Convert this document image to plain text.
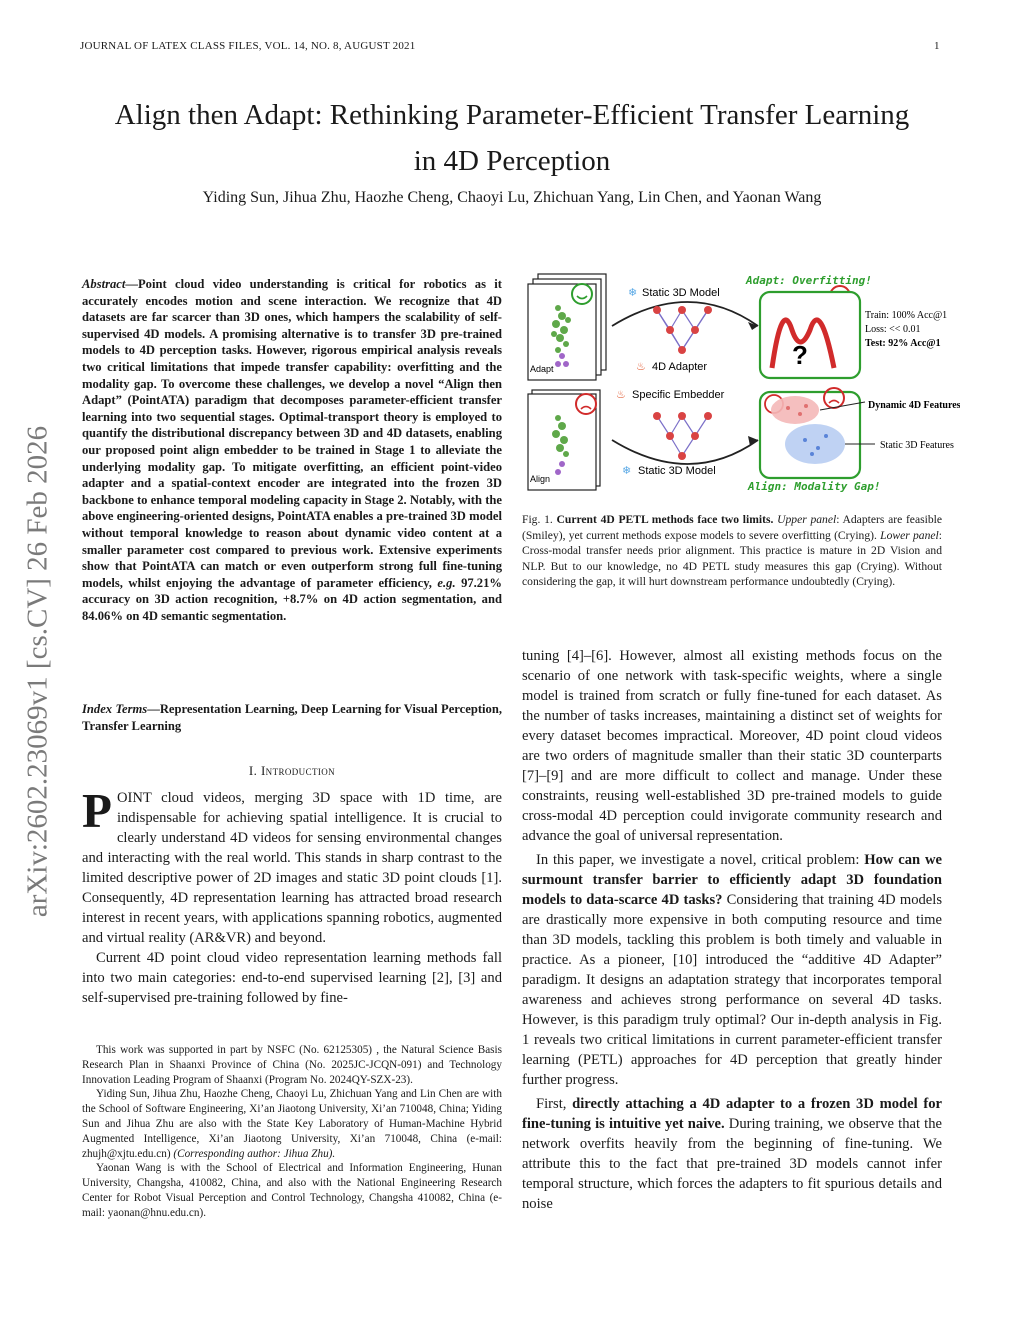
JOURNAL OF LATEX CLASS FILES, VOL. 14, NO. 8, AUGUST 2021	1
Align then Adapt: Rethinking Parameter-Efficient Transfer Learning
in 4D Perception
Yiding Sun, Jihua Zhu, Haozhe Cheng, Chaoyi Lu, Zhichuan Yang, Lin Chen, and Yaonan Wang
arXiv:2602.23069v1 [cs.CV] 26 Feb 2026
Abstract—Point cloud video understanding is critical for robotics as it accurately encodes motion and scene interaction. We recognize that 4D datasets are far scarcer than 3D ones, which hampers the scalability of self-supervised 4D models. A promising alternative is to transfer 3D pre-trained models to 4D perception tasks. However, rigorous empirical analysis reveals two critical limitations that impede transfer capability: overfitting and the modality gap. To overcome these challenges, we develop a novel “Align then Adapt” (PointATA) paradigm that decomposes parameter-efficient transfer learning into two sequential stages. Optimal-transport theory is employed to quantify the distributional discrepancy between 3D and 4D datasets, enabling our proposed point align embedder to be trained in Stage 1 to alleviate the underlying modality gap. To mitigate overfitting, an efficient point-video adapter and a spatial-context encoder are integrated into the frozen 3D backbone to enhance temporal modeling capacity in Stage 2. Notably, with the above engineering-oriented designs, PointATA enables a pre-trained 3D model without temporal knowledge to reason about dynamic video content at a smaller parameter cost compared to previous work. Extensive experiments show that PointATA can match or even outperform strong full fine-tuning models, whilst enjoying the advantage of parameter efficiency, e.g. 97.21% accuracy on 3D action recognition, +8.7% on 4D action segmentation, and 84.06% on 4D semantic segmentation.
Index Terms—Representation Learning, Deep Learning for Visual Perception, Transfer Learning
I. Introduction

POINT cloud videos, merging 3D space with 1D time, are indispensable for achieving spatial intelligence. It is crucial to clearly understand 4D videos for sensing environmental changes and interacting with the real world. This stands in sharp contrast to the limited descriptive power of 2D images and static 3D point clouds [1]. Consequently, 4D representation learning has attracted broad research interest in recent years, with applications spanning robotics, augmented and virtual reality (AR&VR) and beyond.

Current 4D point cloud video representation learning methods fall into two main categories: end-to-end supervised learning [2], [3] and self-supervised pre-training followed by fine-

This work was supported in part by NSFC (No. 62125305) , the Natural Science Basis Research Plan in Shaanxi Province of China (No. 2025JC-JCQN-091) and Technology Innovation Leading Program of Shaanxi (Program No. 2024QY-SZX-23).

Yiding Sun, Jihua Zhu, Haozhe Cheng, Chaoyi Lu, Zhichuan Yang and Lin Chen are with the School of Software Engineering, Xi’an Jiaotong University, Xi’an 710048, China; Yiding Sun and Jihua Zhu are also with the State Key Laboratory of Human-Machine Hybrid Augmented Intelligence, Xi’an Jiaotong University, Xi’an 710048, China (e-mail: zhujh@xjtu.edu.cn) (Corresponding author: Jihua Zhu).

Yaonan Wang is with the School of Electrical and Information Engineering, Hunan University, Changsha, 410082, China, and also with the National Engineering Research Center for Robot Visual Perception and Control Technology, Changsha 410082, China (e-mail: yaonan@hnu.edu.cn).

Adapt
Align
❄ Static 3D Model
♨ 4D Adapter
♨ Specific Embedder
❄ Static 3D Model
Adapt: Overfitting!
?
Train: 100% Acc@1
Loss: << 0.01
Test: 92% Acc@1
Align: Modality Gap!
Dynamic 4D Features
Static 3D Features
Fig. 1. Current 4D PETL methods face two limits. Upper panel: Adapters are feasible (Smiley), yet current methods expose models to severe overfitting (Crying). Lower panel: Cross-modal transfer needs prior alignment. This practice is mature in 2D Vision and NLP. But to our knowledge, no 4D PETL study measures this gap (Crying). Without considering the gap, it will hurt downstream performance undoubtedly (Crying).

tuning [4]–[6]. However, almost all existing methods focus on the scenario of one network with task-specific weights, where a single model is trained from scratch or fully fine-tuned for each dataset. As the number of tasks increases, maintaining a distinct set of weights for every dataset becomes impractical. Moreover, 4D point cloud videos are two orders of magnitude smaller than their static 3D counterparts [7]–[9] and are more difficult to collect and manage. Under these constraints, reusing well-established 3D pre-trained models to guide cross-modal 4D perception could invigorate community research and advance the goal of universal representation.

In this paper, we investigate a novel, critical problem: How can we surmount transfer barrier to efficiently adapt 3D foundation models to data-scarce 4D tasks? Considering that training 4D models are drastically more expensive in both computing resource and time than 3D models, tackling this problem is both timely and valuable in practice. As a pioneer, [10] introduced the “additive 4D Adapter” paradigm. It designs an adaptation strategy that incorporates temporal awareness and achieves strong performance on several 4D tasks. However, is this paradigm truly optimal? Our in-depth analysis in Fig. 1 reveals two critical limitations in current parameter-efficient transfer learning (PETL) approaches for 4D perception that greatly hinder further progress.

First, directly attaching a 4D adapter to a frozen 3D model for fine-tuning is intuitive yet naive. During training, we observe that the network overfits heavily from the beginning of fine-tuning. We attribute this to the fact that pre-trained 3D models cannot infer temporal structure, which forces the adapters to fit spurious details and noise
